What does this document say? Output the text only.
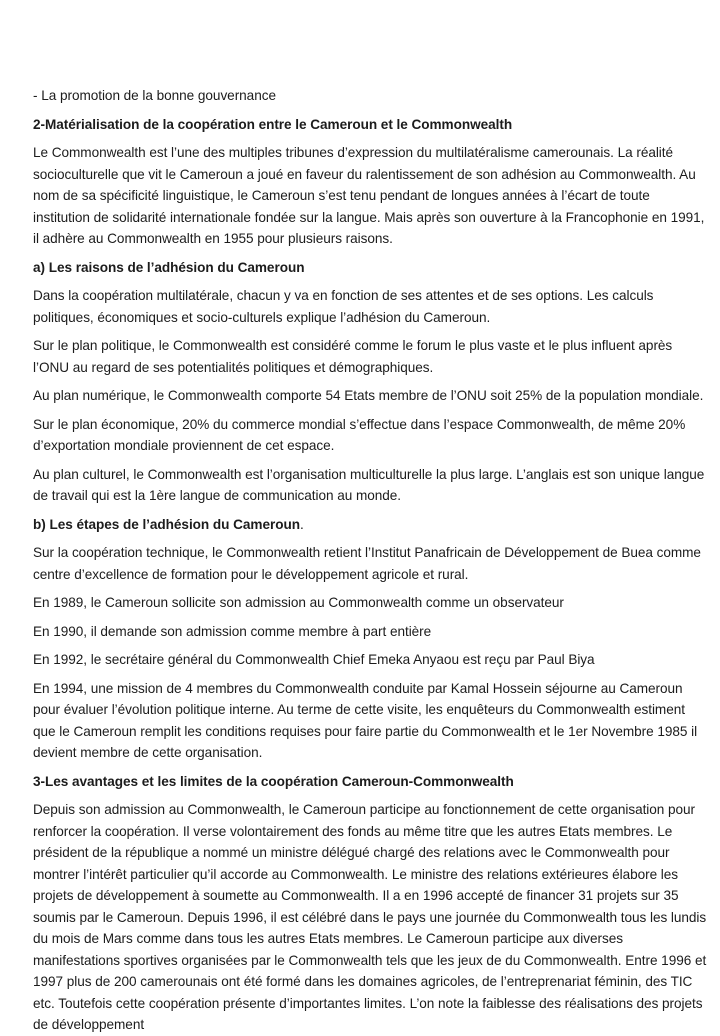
- La promotion de la bonne gouvernance

2-Matérialisation de la coopération entre le Cameroun et le Commonwealth

Le Commonwealth est l’une des multiples tribunes d’expression du multilatéralisme camerounais. La réalité socioculturelle que vit le Cameroun a joué en faveur du ralentissement de son adhésion au Commonwealth. Au nom de sa spécificité linguistique, le Cameroun s’est tenu pendant de longues années à l’écart de toute institution de solidarité internationale fondée sur la langue. Mais après son ouverture à la Francophonie en 1991, il adhère au Commonwealth en 1955 pour plusieurs raisons.

a) Les raisons de l’adhésion du Cameroun

Dans la coopération multilatérale, chacun y va en fonction de ses attentes et de ses options. Les calculs politiques, économiques et socio-culturels explique l’adhésion du Cameroun.

Sur le plan politique, le Commonwealth est considéré comme le forum le plus vaste et le plus influent après l’ONU au regard de ses potentialités politiques et démographiques.

Au plan numérique, le Commonwealth comporte 54 Etats membre de l’ONU soit 25% de la population mondiale.

Sur le plan économique, 20% du commerce mondial s’effectue dans l’espace Commonwealth, de même 20% d’exportation mondiale proviennent de cet espace.

Au plan culturel, le Commonwealth est l’organisation multiculturelle la plus large. L’anglais est son unique langue de travail qui est la 1ère langue de communication au monde.

b) Les étapes de l’adhésion du Cameroun.

Sur la coopération technique, le Commonwealth retient l’Institut Panafricain de Développement de Buea comme centre d’excellence de formation pour le développement agricole et rural.

En 1989, le Cameroun sollicite son admission au Commonwealth comme un observateur

En 1990, il demande son admission comme membre à part entière

En 1992, le secrétaire général du Commonwealth Chief Emeka Anyaou est reçu par Paul Biya

En 1994, une mission de 4 membres du Commonwealth conduite par Kamal Hossein séjourne au Cameroun pour évaluer l’évolution politique interne. Au terme de cette visite, les enquêteurs du Commonwealth estiment que le Cameroun remplit les conditions requises pour faire partie du Commonwealth et le 1er Novembre 1985 il devient membre de cette organisation.

3-Les avantages et les limites de la coopération Cameroun-Commonwealth

Depuis son admission au Commonwealth, le Cameroun participe au fonctionnement de cette organisation pour renforcer la coopération. Il verse volontairement des fonds au même titre que les autres Etats membres. Le président de la république a nommé un ministre délégué chargé des relations avec le Commonwealth pour montrer l’intérêt particulier qu’il accorde au Commonwealth. Le ministre des relations extérieures élabore les projets de développement à soumette au Commonwealth. Il a en 1996 accepté de financer 31 projets sur 35 soumis par le Cameroun. Depuis 1996, il est célébré dans le pays une journée du Commonwealth tous les lundis du mois de Mars comme dans tous les autres Etats membres. Le Cameroun participe aux diverses manifestations sportives organisées par le Commonwealth tels que les jeux de du Commonwealth. Entre 1996 et 1997 plus de 200 camerounais ont été formé dans les domaines agricoles, de l’entreprenariat féminin, des TIC etc. Toutefois cette coopération présente d’importantes limites. L’on note la faiblesse des réalisations des projets de développement
